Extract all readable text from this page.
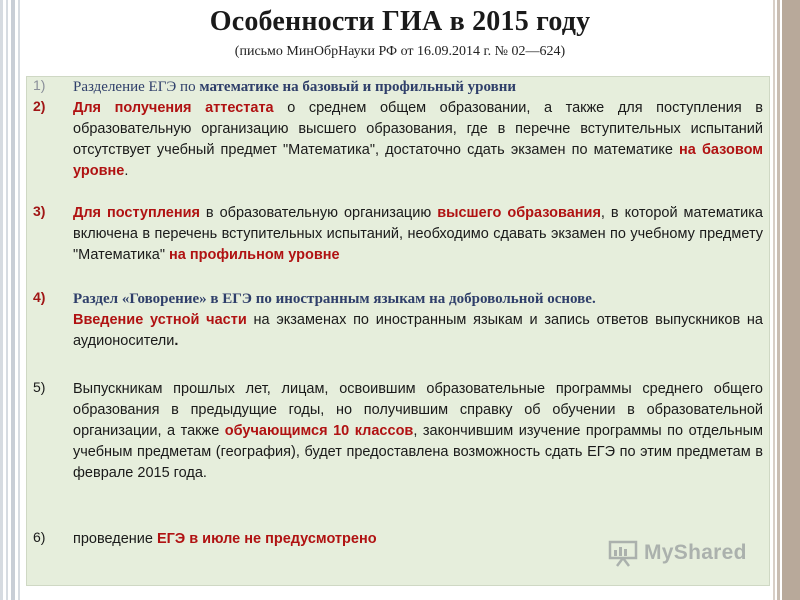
Особенности ГИА в 2015 году
(письмо МинОбрНауки РФ от 16.09.2014 г. № 02—624)
1)	Разделение ЕГЭ по математике на базовый и профильный уровни
2)	Для получения аттестата о среднем общем образовании, а также для поступления в образовательную организацию высшего образования, где в перечне вступительных испытаний отсутствует учебный предмет "Математика", достаточно сдать экзамен по математике на базовом уровне.
3)	Для поступления в образовательную организацию высшего образования, в которой математика включена в перечень вступительных испытаний, необходимо сдавать экзамен по учебному предмету "Математика" на профильном уровне
4)	Раздел «Говорение» в ЕГЭ по иностранным языкам на добровольной основе.
Введение устной части на экзаменах по иностранным языкам и запись ответов выпускников на аудионосители.
5)	Выпускникам прошлых лет, лицам, освоившим образовательные программы среднего общего образования в предыдущие годы, но получившим справку об обучении в образовательной организации, а также обучающимся 10 классов, закончившим изучение программы по отдельным учебным предметам (география), будет предоставлена возможность сдать ЕГЭ по этим предметам в феврале 2015 года.
6)	проведение ЕГЭ в июле не предусмотрено
MyShared
